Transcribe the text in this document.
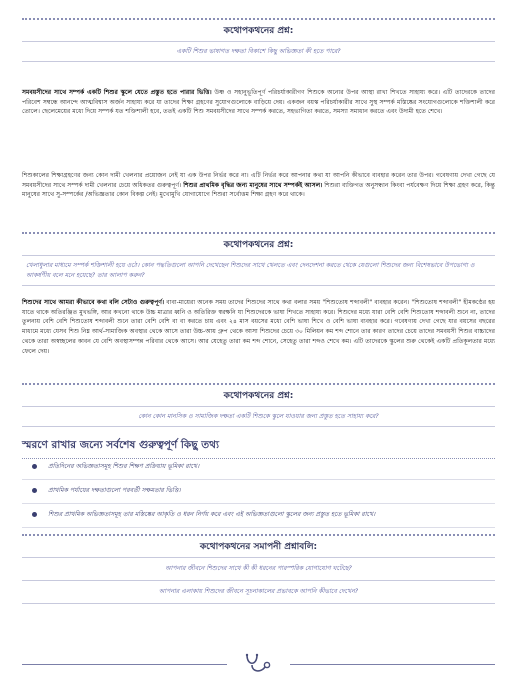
কথোপকথনের প্রশ্ন:
একটি শিশুর ভাষাগত দক্ষতা বিকাশে কিছু অভিজ্ঞতা কী হতে পারে?
সমবয়সীদের সাথে সম্পর্ক একটি শিশুর স্কুলে যেতে প্রস্তুত হতে পারার ভিত্তি। উষ্ণ ও সহানুভূতিপূর্ণ পরিচর্যাকারীগণ শিশুকে অন্যের উপর আস্থা রাখা শিখতে সাহায্য করে। এটি তাদেরকে তাদের পরিবেশ সম্বন্ধে আনন্দে আত্মবিশ্বাস অর্জন সাহায্য করে যা তাদের শিক্ষা গ্রহণের সুযোগগুলোকে বাড়িয়ে দেয়। একজন বয়স্ক পরিচর্যাকারীর সাথে সুস্থ সম্পর্ক মস্তিষ্কের সংযোগগুলোকে শক্তিশালী করে তোলে। ছেলেমেয়ের মধ্যে দিয়ে সম্পর্ক যত শক্তিশালী হবে, ততই একটি শিশু সমবয়সীদের সাথে সম্পর্ক করতে, সহভাগিতা করতে, সমস্যা সমাধান করতে এবং উদ্যমী হতে শেখে।
শিশুকালের শিক্ষাগ্রহণের জন্য কোন দামী খেলনার প্রয়োজন নেই যা এক উপর নির্ভর করে না। এটি নির্ভর করে আপনার কথা যা আপনি কীভাবে ব্যবহার করেন তার উপর। গবেষণায় দেখা গেছে যে সমবয়সীদের সাথে সম্পর্ক দামী খেলনার চেয়ে অধিকতর গুরুত্বপূর্ণ। শিশুর প্রাথমিক বৃদ্ধির জন্য মানুষের সাথে সম্পর্কই আসল। শিশুরা ব্যক্তিগত অনুসন্ধান কিংবা পর্যবেক্ষণ দিয়ে শিক্ষা গ্রহণ করে, কিন্তু মানুষের সাথে সু-সম্পর্কের /অভিজ্ঞতার কোন বিকল্প নেই। মুখোমুখি যোগাযোগে শিশুরা সর্বোত্তম শিক্ষা গ্রহণ করে থাকে।
কথোপকথনের প্রশ্ন:
খেলাধুলার মাধ্যমে সম্পর্ক শক্তিশালী হয়ে ওঠে। কোন পদ্ধতিগুলো আপনি দেখেছেন শিশুদের সাথে খেলতে এবং দেনদেশনা করতে থেকে যেগুলো শিশুদের জন্য বিশেষভাবে উপভোগ্য ও আকর্ষণীয় বলে মনে হয়েছে? তার আলাপ করুন?
শিশুদের সাথে আমরা কীভাবে কথা বলি সেটাও গুরুত্বপূর্ণ। বাবা-মায়েরা অনেক সময় তাদের শিশুদের সাথে কথা বলার সময় "শিশুতোষ শব্দাবলী" ব্যবহার করেন। "শিশুতোষ শব্দাবলী" হীমকণ্ঠের হয় যাতে থাকে অতিরঞ্জিত মুখভঙ্গি, আর কখনো থাকে উচ্চ মাত্রার ধ্বনি ও অতিরিক্ত স্বরক্ষনি যা শিশুদেরকে ভাষা শিখতে সাহায্য করে। শিশুদের মধ্যে যারা বেশি বেশি শিশুতোষ শব্দাবলী শুনে না, তাদের তুলনায় বেশি বেশি শিশুতোষ শব্দাবলী শুনে তারা বেশি বেশি বা বা করতে চায় এবং ২৪ মাস বয়সের মধ্যে বেশি ভাষা শিখে ও বেশি ভাষা ব্যবহার করে। গবেষণায় দেখা গেছে যার বয়সের বছরের মাধ্যমে মধ্যে যেসব শিশু নিম্ন আর্থ-সামাজিক অবস্থার থেকে আসে তারা উচ্চ-আয় গ্রুপ থেকে আসা শিশুদের চেয়ে ৩০ মিলিয়ন কম শব্দ শোনে তার কারণ তাদের চেয়ে তাদের সমবয়সী শিশুর বাচ্চাদের থেকে তারা অস্বচ্ছলের কাবন যে বেশি অবস্থাসম্পন্ন পরিবার থেকে আসে। আর যেহেতু তারা কম শব্দ শোনে, সেহেতু তারা শব্দও শেখে কম। এটি তাদেরকে স্কুলের শুরু থেকেই একটি প্রতিকূলতার মধ্যে ফেলে দেয়।
কথোপকথনের প্রশ্ন:
কোন কোন মানসিক ও সামাজিক দক্ষতা একটি শিশুকে স্কুলে যাওয়ার জন্য প্রস্তুত হতে সাহায্য করে?
স্মরণে রাখার জন্যে সর্বশেষ গুরুত্বপূর্ণ কিছু তথ্য
প্রতিদিনের অভিজ্ঞতাসমূহ শিশুর শিক্ষণ প্রক্রিয়ায় ভূমিকা রাখে।
প্রাথমিক পর্যায়ের দক্ষতাগুলো পরবর্তী সক্ষমতার ভিত্তি।
শিশুর প্রাথমিক অভিজ্ঞতাসমূহ তার মস্তিষ্কের আকৃতি ও ধরন নির্ণয় করে এবং এই অভিজ্ঞতাগুলো স্কুলের জন্য প্রস্তুত হতে ভূমিকা রাখে।
কথোপকথনের সমাপনী প্রশ্নাবলি:
আপনার জীবনে শিশুদের সাথে কী কী ধরনের পারস্পরিক যোগাযোগ ঘটেছে?
আপনার এলাকায় শিশুদের জীবনে সূচনাকালের প্রভাবকে আপনি কীভাবে দেখেন?
